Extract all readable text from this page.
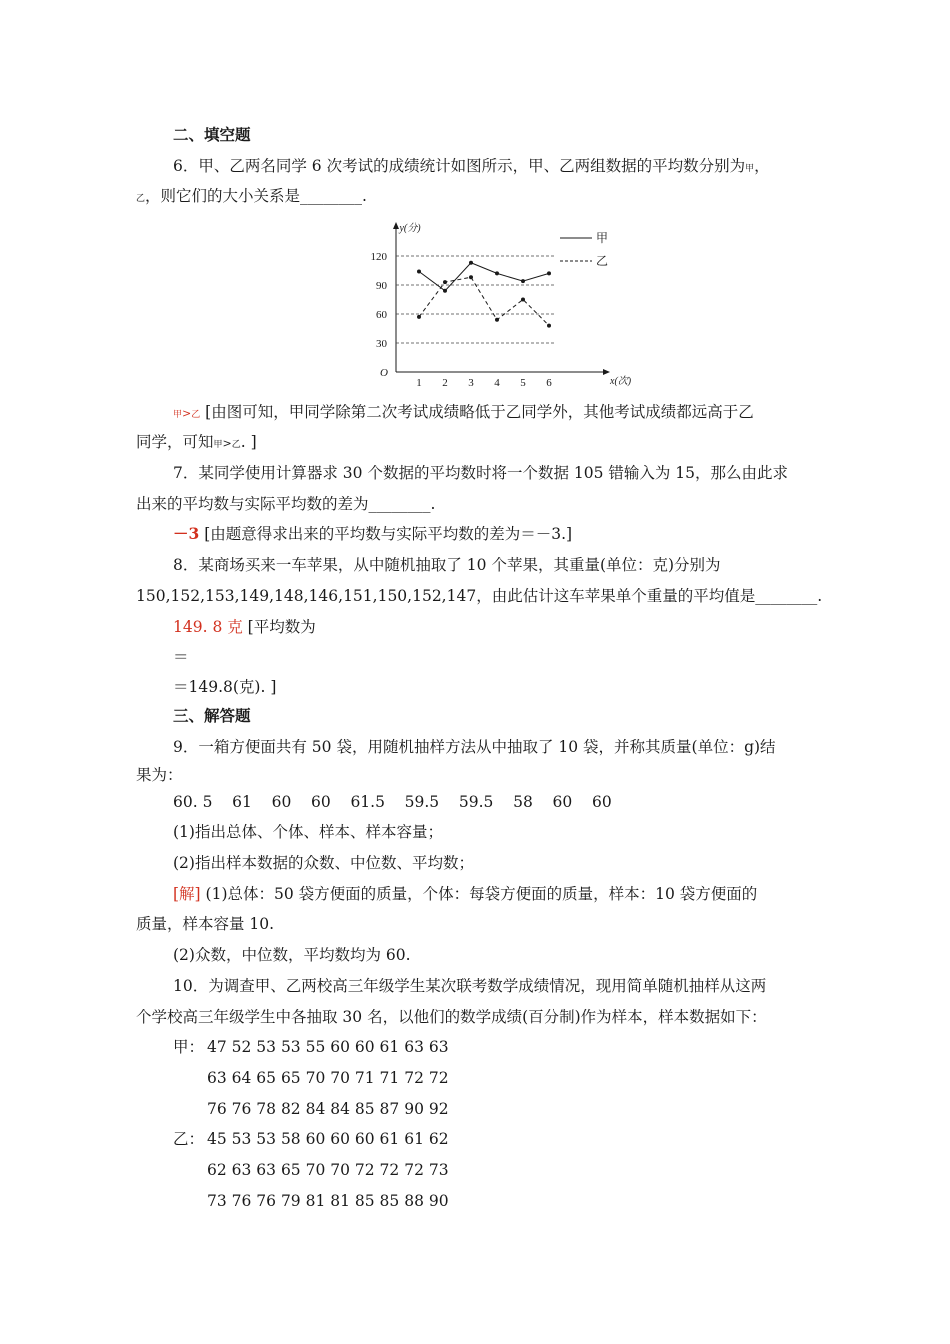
二、填空题
6．甲、乙两名同学 6 次考试的成绩统计如图所示，甲、乙两组数据的平均数分别为甲，
乙，则它们的大小关系是________.
y(分)
x(次)
O
30
60
90
120
1 2 3 4 5 6
甲
乙
甲>乙 [由图可知，甲同学除第二次考试成绩略低于乙同学外，其他考试成绩都远高于乙
同学，可知甲>乙. ]
7．某同学使用计算器求 30 个数据的平均数时将一个数据 105 错输入为 15，那么由此求
出来的平均数与实际平均数的差为________.
－3 [由题意得求出来的平均数与实际平均数的差为＝－3.]
8．某商场买来一车苹果，从中随机抽取了 10 个苹果，其重量(单位：克)分别为
150,152,153,149,148,146,151,150,152,147，由此估计这车苹果单个重量的平均值是________.
149. 8 克 [平均数为
＝
＝149.8(克). ]
三、解答题
9．一箱方便面共有 50 袋，用随机抽样方法从中抽取了 10 袋，并称其质量(单位：g)结
果为：
60. 5    61    60    60    61.5    59.5    59.5    58    60    60
(1)指出总体、个体、样本、样本容量；
(2)指出样本数据的众数、中位数、平均数；
[解] (1)总体：50 袋方便面的质量，个体：每袋方便面的质量，样本：10 袋方便面的
质量，样本容量 10.
(2)众数，中位数，平均数均为 60.
10．为调查甲、乙两校高三年级学生某次联考数学成绩情况，现用简单随机抽样从这两
个学校高三年级学生中各抽取 30 名，以他们的数学成绩(百分制)作为样本，样本数据如下：
甲： 47 52 53 53 55 60 60 61 63 63
63 64 65 65 70 70 71 71 72 72
76 76 78 82 84 84 85 87 90 92
乙： 45 53 53 58 60 60 60 61 61 62
62 63 63 65 70 70 72 72 72 73
73 76 76 79 81 81 85 85 88 90
